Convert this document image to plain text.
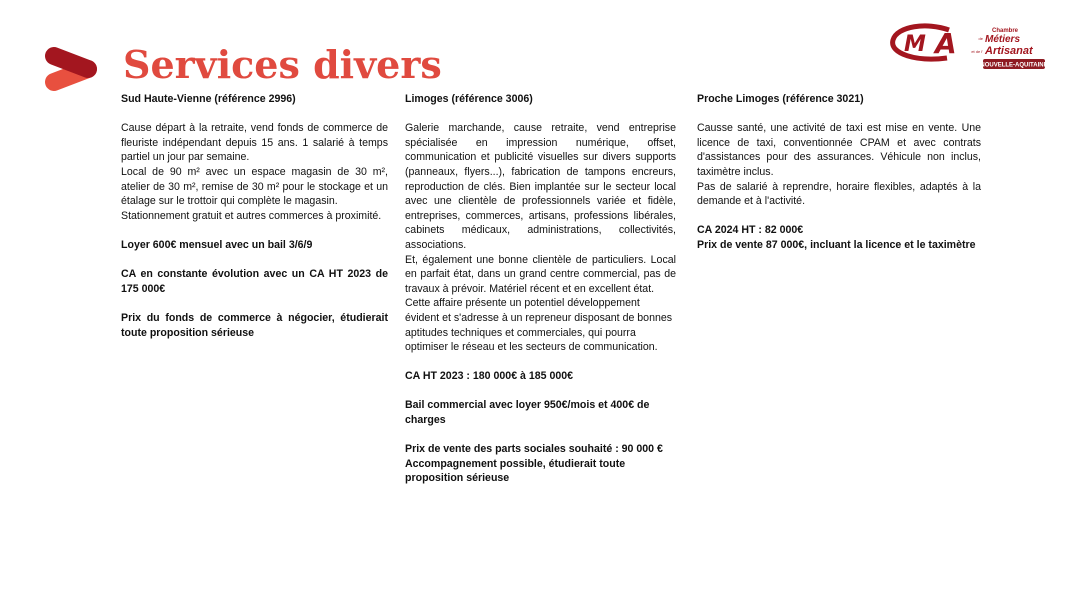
Services divers	M A	Chambre
de Métiers
et de l' Artisanat
NOUVELLE-AQUITAINE

Sud Haute-Vienne (référence 2996)

Cause départ à la retraite, vend fonds de commerce de fleuriste indépendant depuis 15 ans. 1 salarié à temps partiel un jour par semaine.

Local de 90 m² avec un espace magasin de 30 m², atelier de 30 m², remise de 30 m² pour le stockage et un étalage sur le trottoir qui complète le magasin.

Stationnement gratuit et autres commerces à proximité.

Loyer 600€ mensuel avec un bail 3/6/9

CA en constante évolution avec un CA HT 2023 de 175 000€

Prix du fonds de commerce à négocier, étudierait toute proposition sérieuse

Limoges (référence 3006)

Galerie marchande, cause retraite, vend entreprise spécialisée en impression numérique, offset, communication et publicité visuelles sur divers supports (panneaux, flyers...), fabrication de tampons encreurs, reproduction de clés. Bien implantée sur le secteur local avec une clientèle de professionnels variée et fidèle, entreprises, commerces, artisans, professions libérales, cabinets médicaux, administrations, collectivités, associations.

Et, également une bonne clientèle de particuliers. Local en parfait état, dans un grand centre commercial, pas de travaux à prévoir. Matériel récent et en excellent état.

Cette affaire présente un potentiel développement évident et s'adresse à un repreneur disposant de bonnes aptitudes techniques et commerciales, qui pourra optimiser le réseau et les secteurs de communication.

CA HT 2023 : 180 000€ à 185 000€

Bail commercial avec loyer 950€/mois et 400€ de charges

Prix de vente des parts sociales souhaité : 90 000 €

Accompagnement possible, étudierait toute proposition sérieuse

Proche Limoges (référence 3021)

Causse santé, une activité de taxi est mise en vente. Une licence de taxi, conventionnée CPAM et avec contrats d'assistances pour des assurances. Véhicule non inclus, taximètre inclus.

Pas de salarié à reprendre, horaire flexibles, adaptés à la demande et à l'activité.

CA 2024 HT : 82 000€

Prix de vente 87 000€, incluant la licence et le taximètre
